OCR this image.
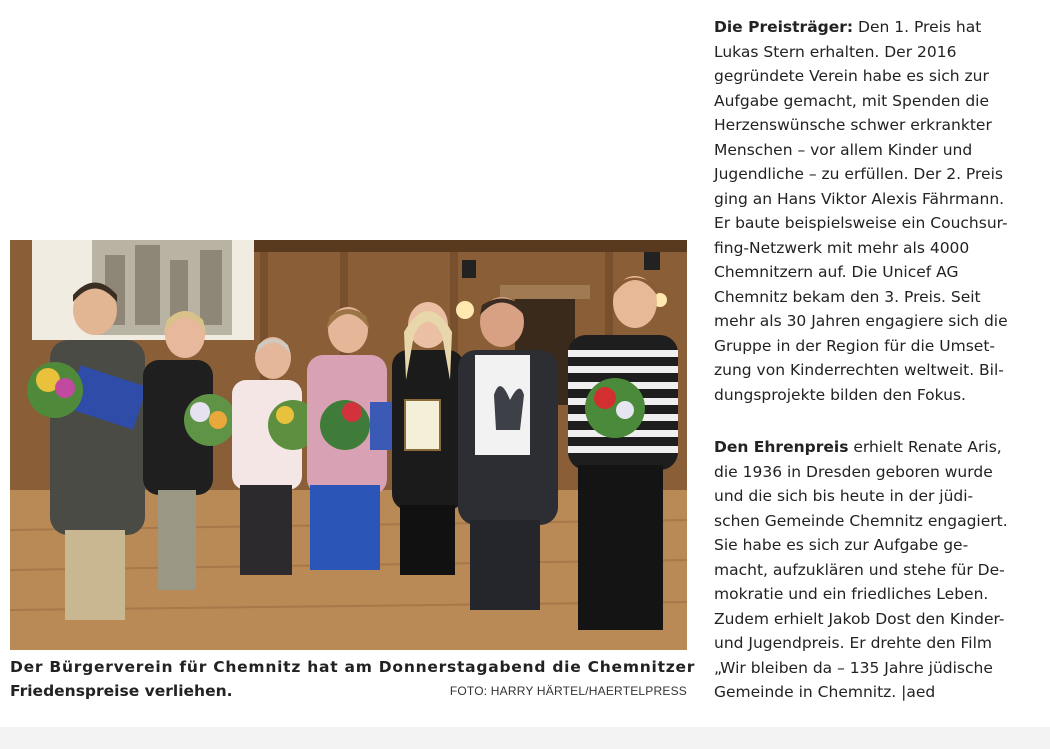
Der Bürgerverein für Chemnitz hat am Donnerstagabend die Chemnitzer
Friedenspreise verliehen.	FOTO: HARRY HÄRTEL/HAERTELPRESS
Die Preisträger: Den 1. Preis hat
Lukas Stern erhalten. Der 2016
gegründete Verein habe es sich zur
Aufgabe gemacht, mit Spenden die
Herzenswünsche schwer erkrankter
Menschen – vor allem Kinder und
Jugendliche – zu erfüllen. Der 2. Preis
ging an Hans Viktor Alexis Fährmann.
Er baute beispielsweise ein Couchsur-
fing-Netzwerk mit mehr als 4000
Chemnitzern auf. Die Unicef AG
Chemnitz bekam den 3. Preis. Seit
mehr als 30 Jahren engagiere sich die
Gruppe in der Region für die Umset-
zung von Kinderrechten weltweit. Bil-
dungsprojekte bilden den Fokus.
Den Ehrenpreis erhielt Renate Aris,
die 1936 in Dresden geboren wurde
und die sich bis heute in der jüdi-
schen Gemeinde Chemnitz engagiert.
Sie habe es sich zur Aufgabe ge-
macht, aufzuklären und stehe für De-
mokratie und ein friedliches Leben.
Zudem erhielt Jakob Dost den Kinder-
und Jugendpreis. Er drehte den Film
„Wir bleiben da – 135 Jahre jüdische
Gemeinde in Chemnitz. |aed
